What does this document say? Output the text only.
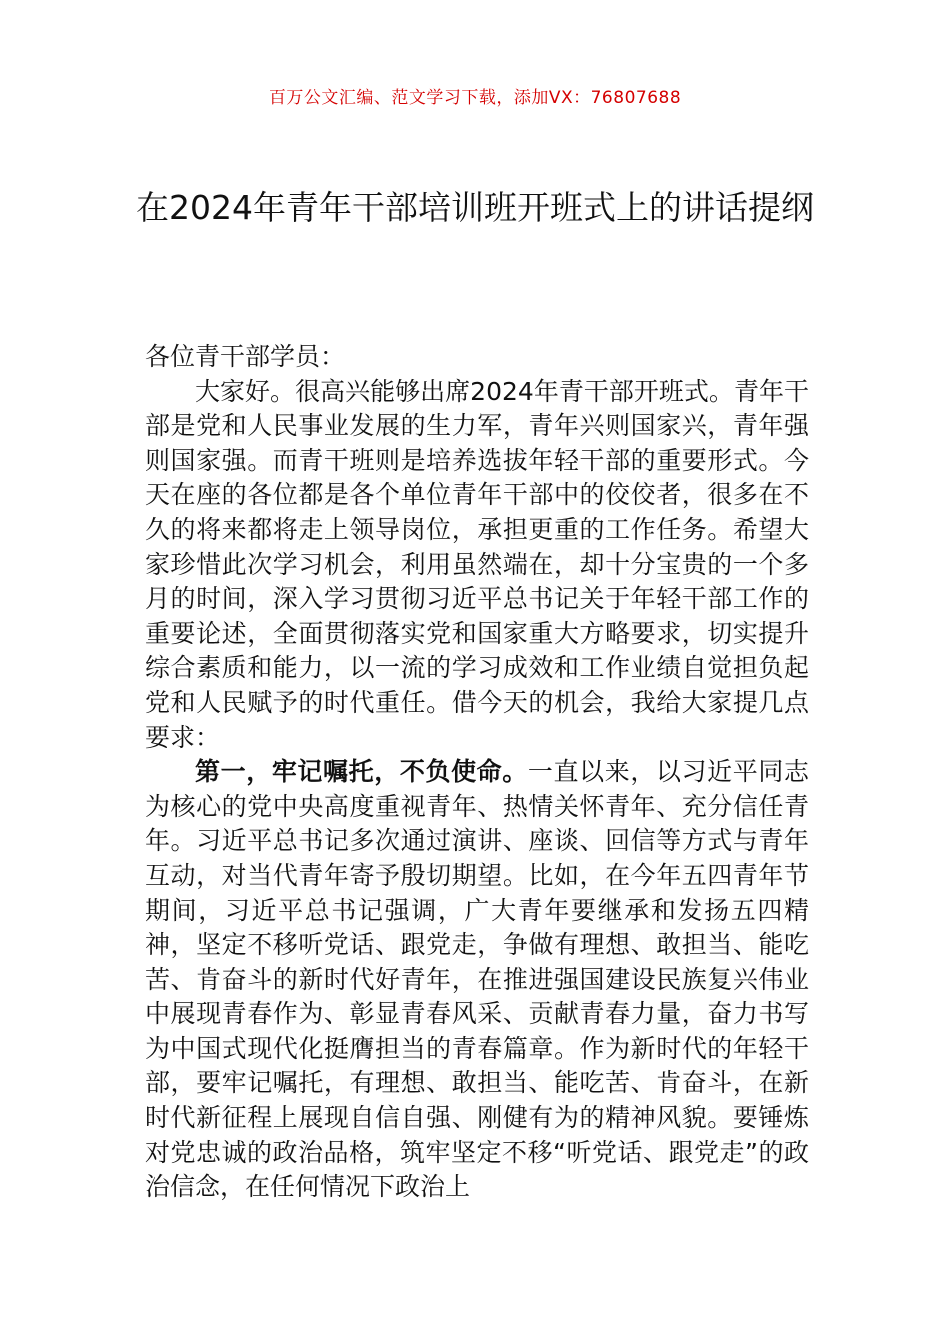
百万公文汇编、范文学习下载，添加VX：76807688
在2024年青年干部培训班开班式上的讲话提纲

各位青干部学员：

大家好。很高兴能够出席2024年青干部开班式。青年干部是党和人民事业发展的生力军，青年兴则国家兴，青年强则国家强。而青干班则是培养选拔年轻干部的重要形式。今天在座的各位都是各个单位青年干部中的佼佼者，很多在不久的将来都将走上领导岗位，承担更重的工作任务。希望大家珍惜此次学习机会，利用虽然端在，却十分宝贵的一个多月的时间，深入学习贯彻习近平总书记关于年轻干部工作的重要论述，全面贯彻落实党和国家重大方略要求，切实提升综合素质和能力，以一流的学习成效和工作业绩自觉担负起党和人民赋予的时代重任。借今天的机会，我给大家提几点要求：

第一，牢记嘱托，不负使命。一直以来，以习近平同志为核心的党中央高度重视青年、热情关怀青年、充分信任青年。习近平总书记多次通过演讲、座谈、回信等方式与青年互动，对当代青年寄予殷切期望。比如，在今年五四青年节期间，习近平总书记强调，广大青年要继承和发扬五四精神，坚定不移听党话、跟党走，争做有理想、敢担当、能吃苦、肯奋斗的新时代好青年，在推进强国建设民族复兴伟业中展现青春作为、彰显青春风采、贡献青春力量，奋力书写为中国式现代化挺膺担当的青春篇章。作为新时代的年轻干部，要牢记嘱托，有理想、敢担当、能吃苦、肯奋斗，在新时代新征程上展现自信自强、刚健有为的精神风貌。要锤炼对党忠诚的政治品格，筑牢坚定不移“听党话、跟党走”的政治信念，在任何情况下政治上
